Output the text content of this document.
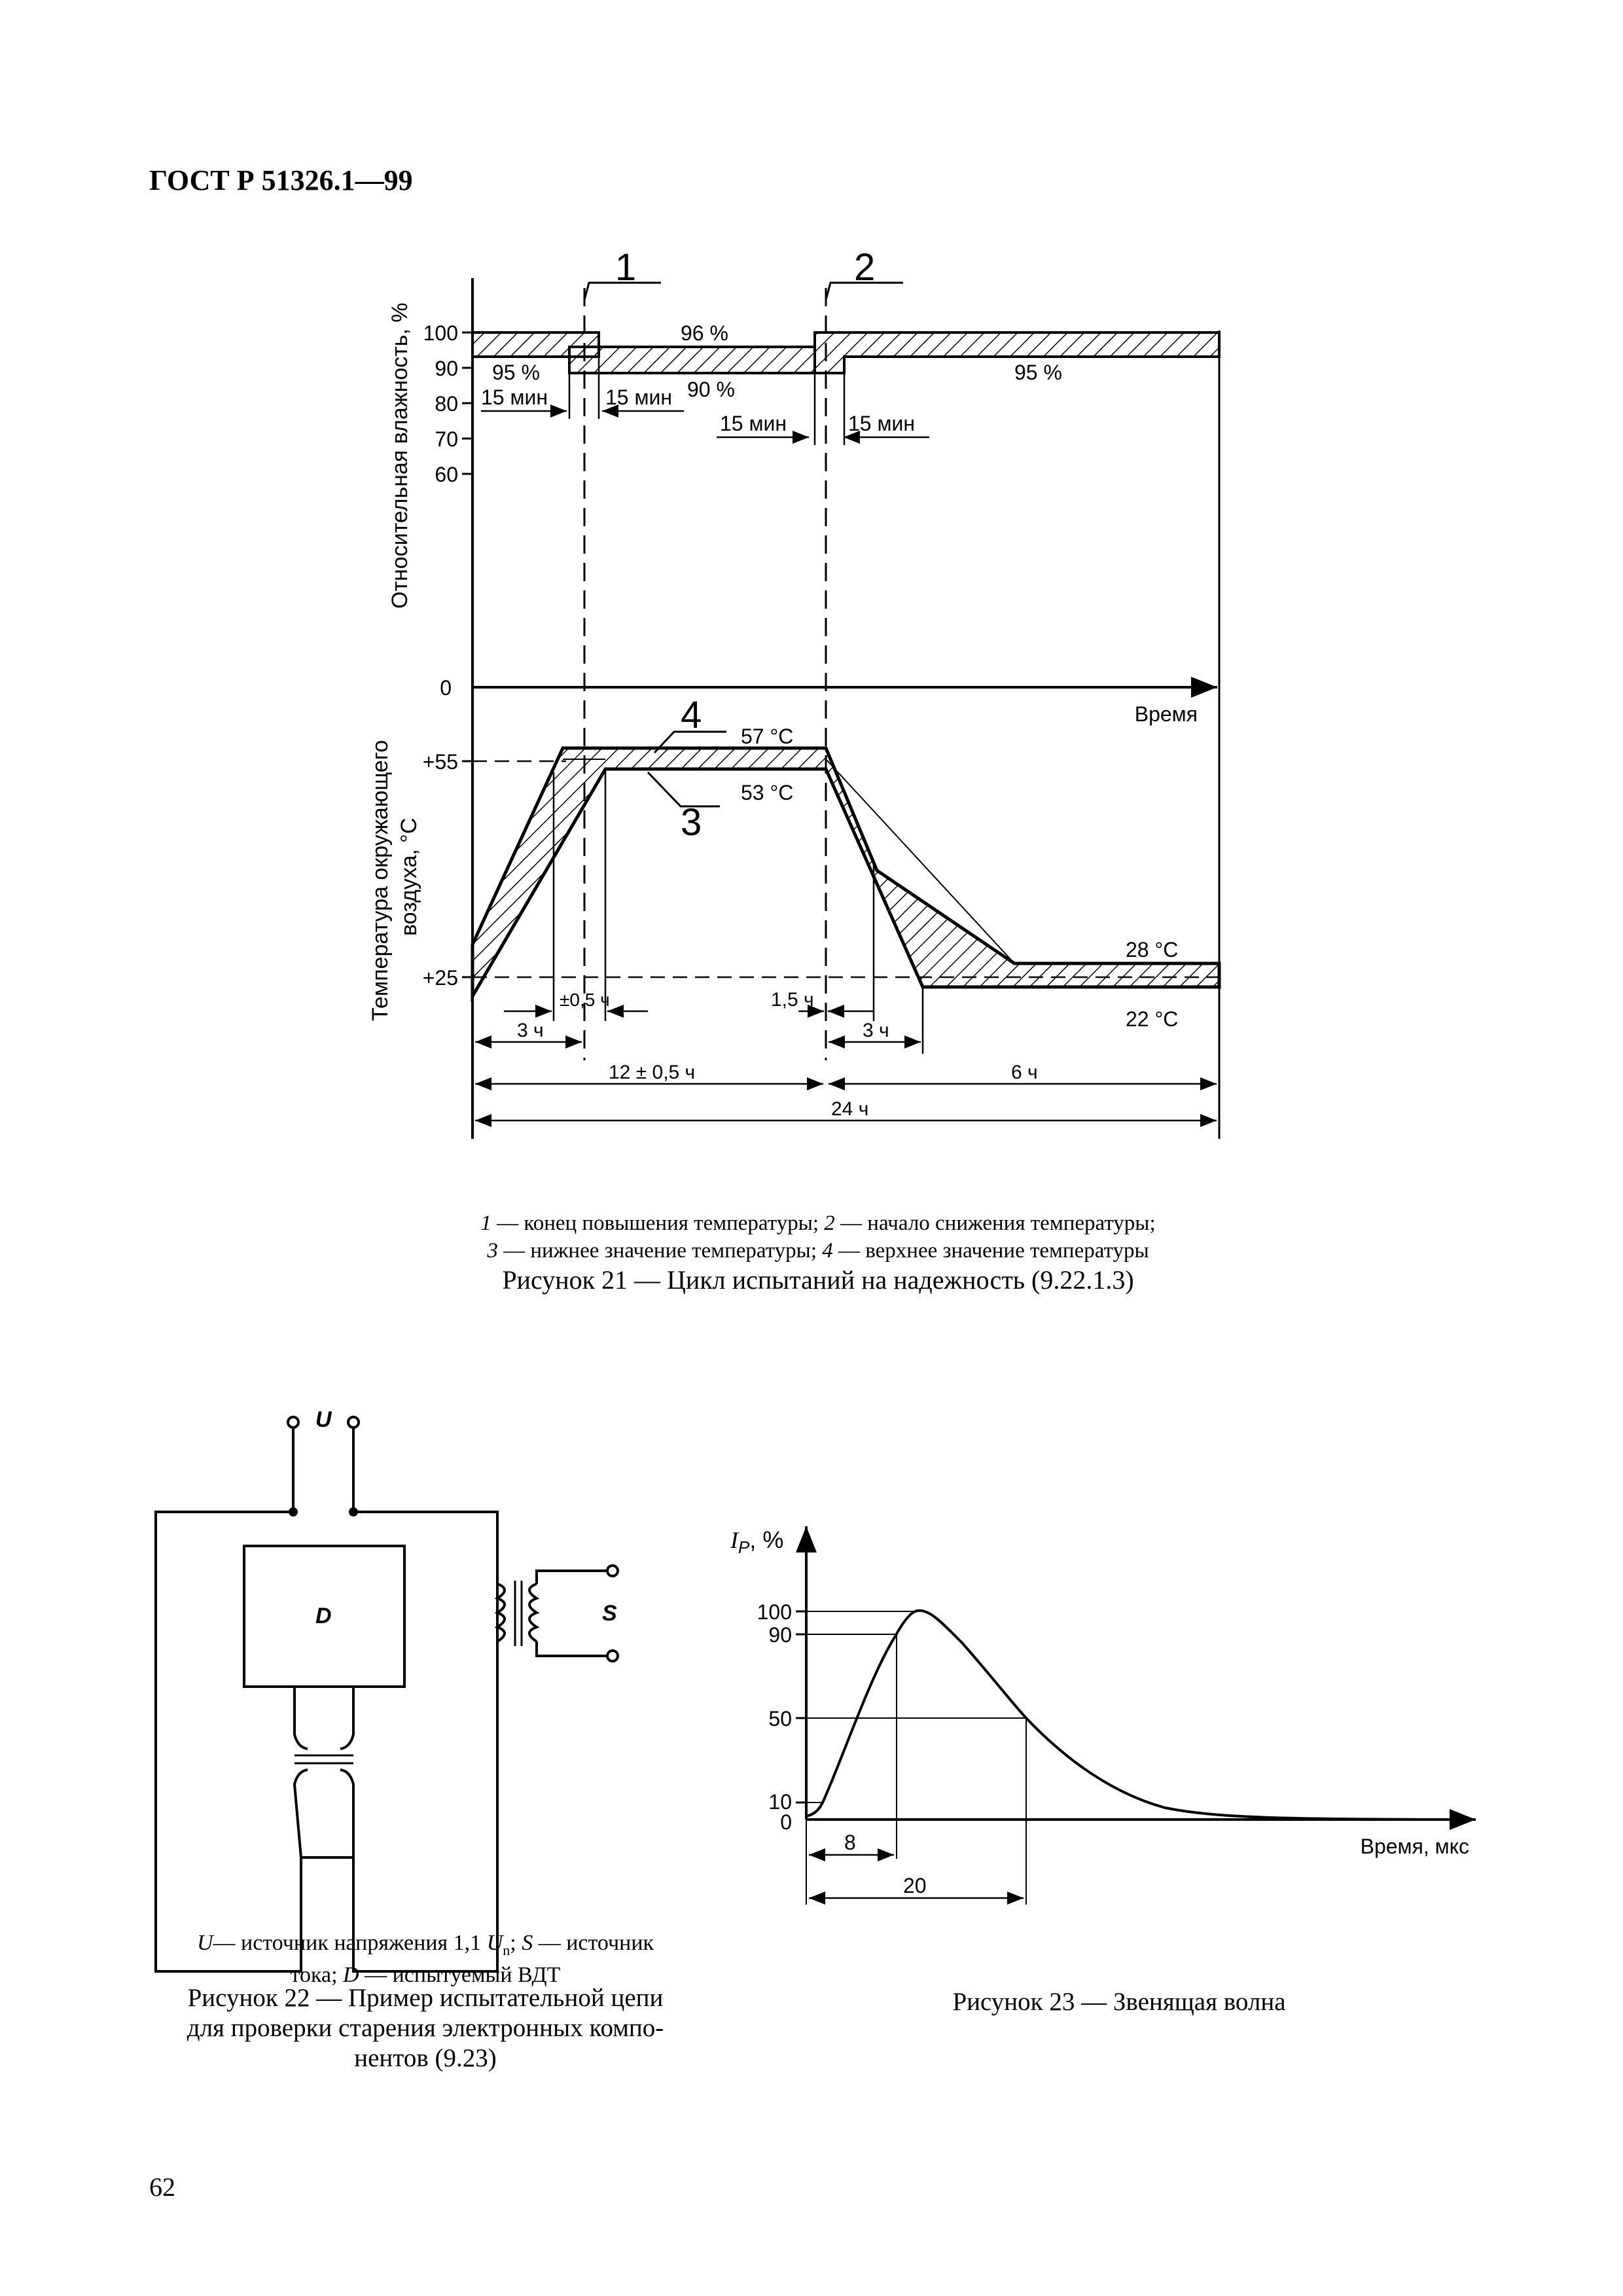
ГОСТ Р 51326.1—99
Относительная влажность, %
Температура окружающего воздуха, °С
100
90
80
70
60
0
Время
+55
+25
1	2
4
3
95 %
96 %
90 %
95 %
15 мин	15 мин
15 мин	15 мин
57 °С
53 °С
28 °С
22 °С
±0,5 ч	1,5 ч
3 ч	3 ч
12 ± 0,5 ч	6 ч
24 ч
U
D	S
$I_P$, %
100
90
50
10
0
Время, мкс
8
20
1 — конец повышения температуры; 2 — начало снижения температуры;
3 — нижнее значение температуры; 4 — верхнее значение температуры
Рисунок 21 — Цикл испытаний на надежность (9.22.1.3)
U— источник напряжения 1,1 $U_n$; S — источник
тока; D — испытуемый ВДТ
Рисунок 22 — Пример испытательной цепи
для проверки старения электронных компо-
нентов (9.23)
Рисунок 23 — Звенящая волна
62
